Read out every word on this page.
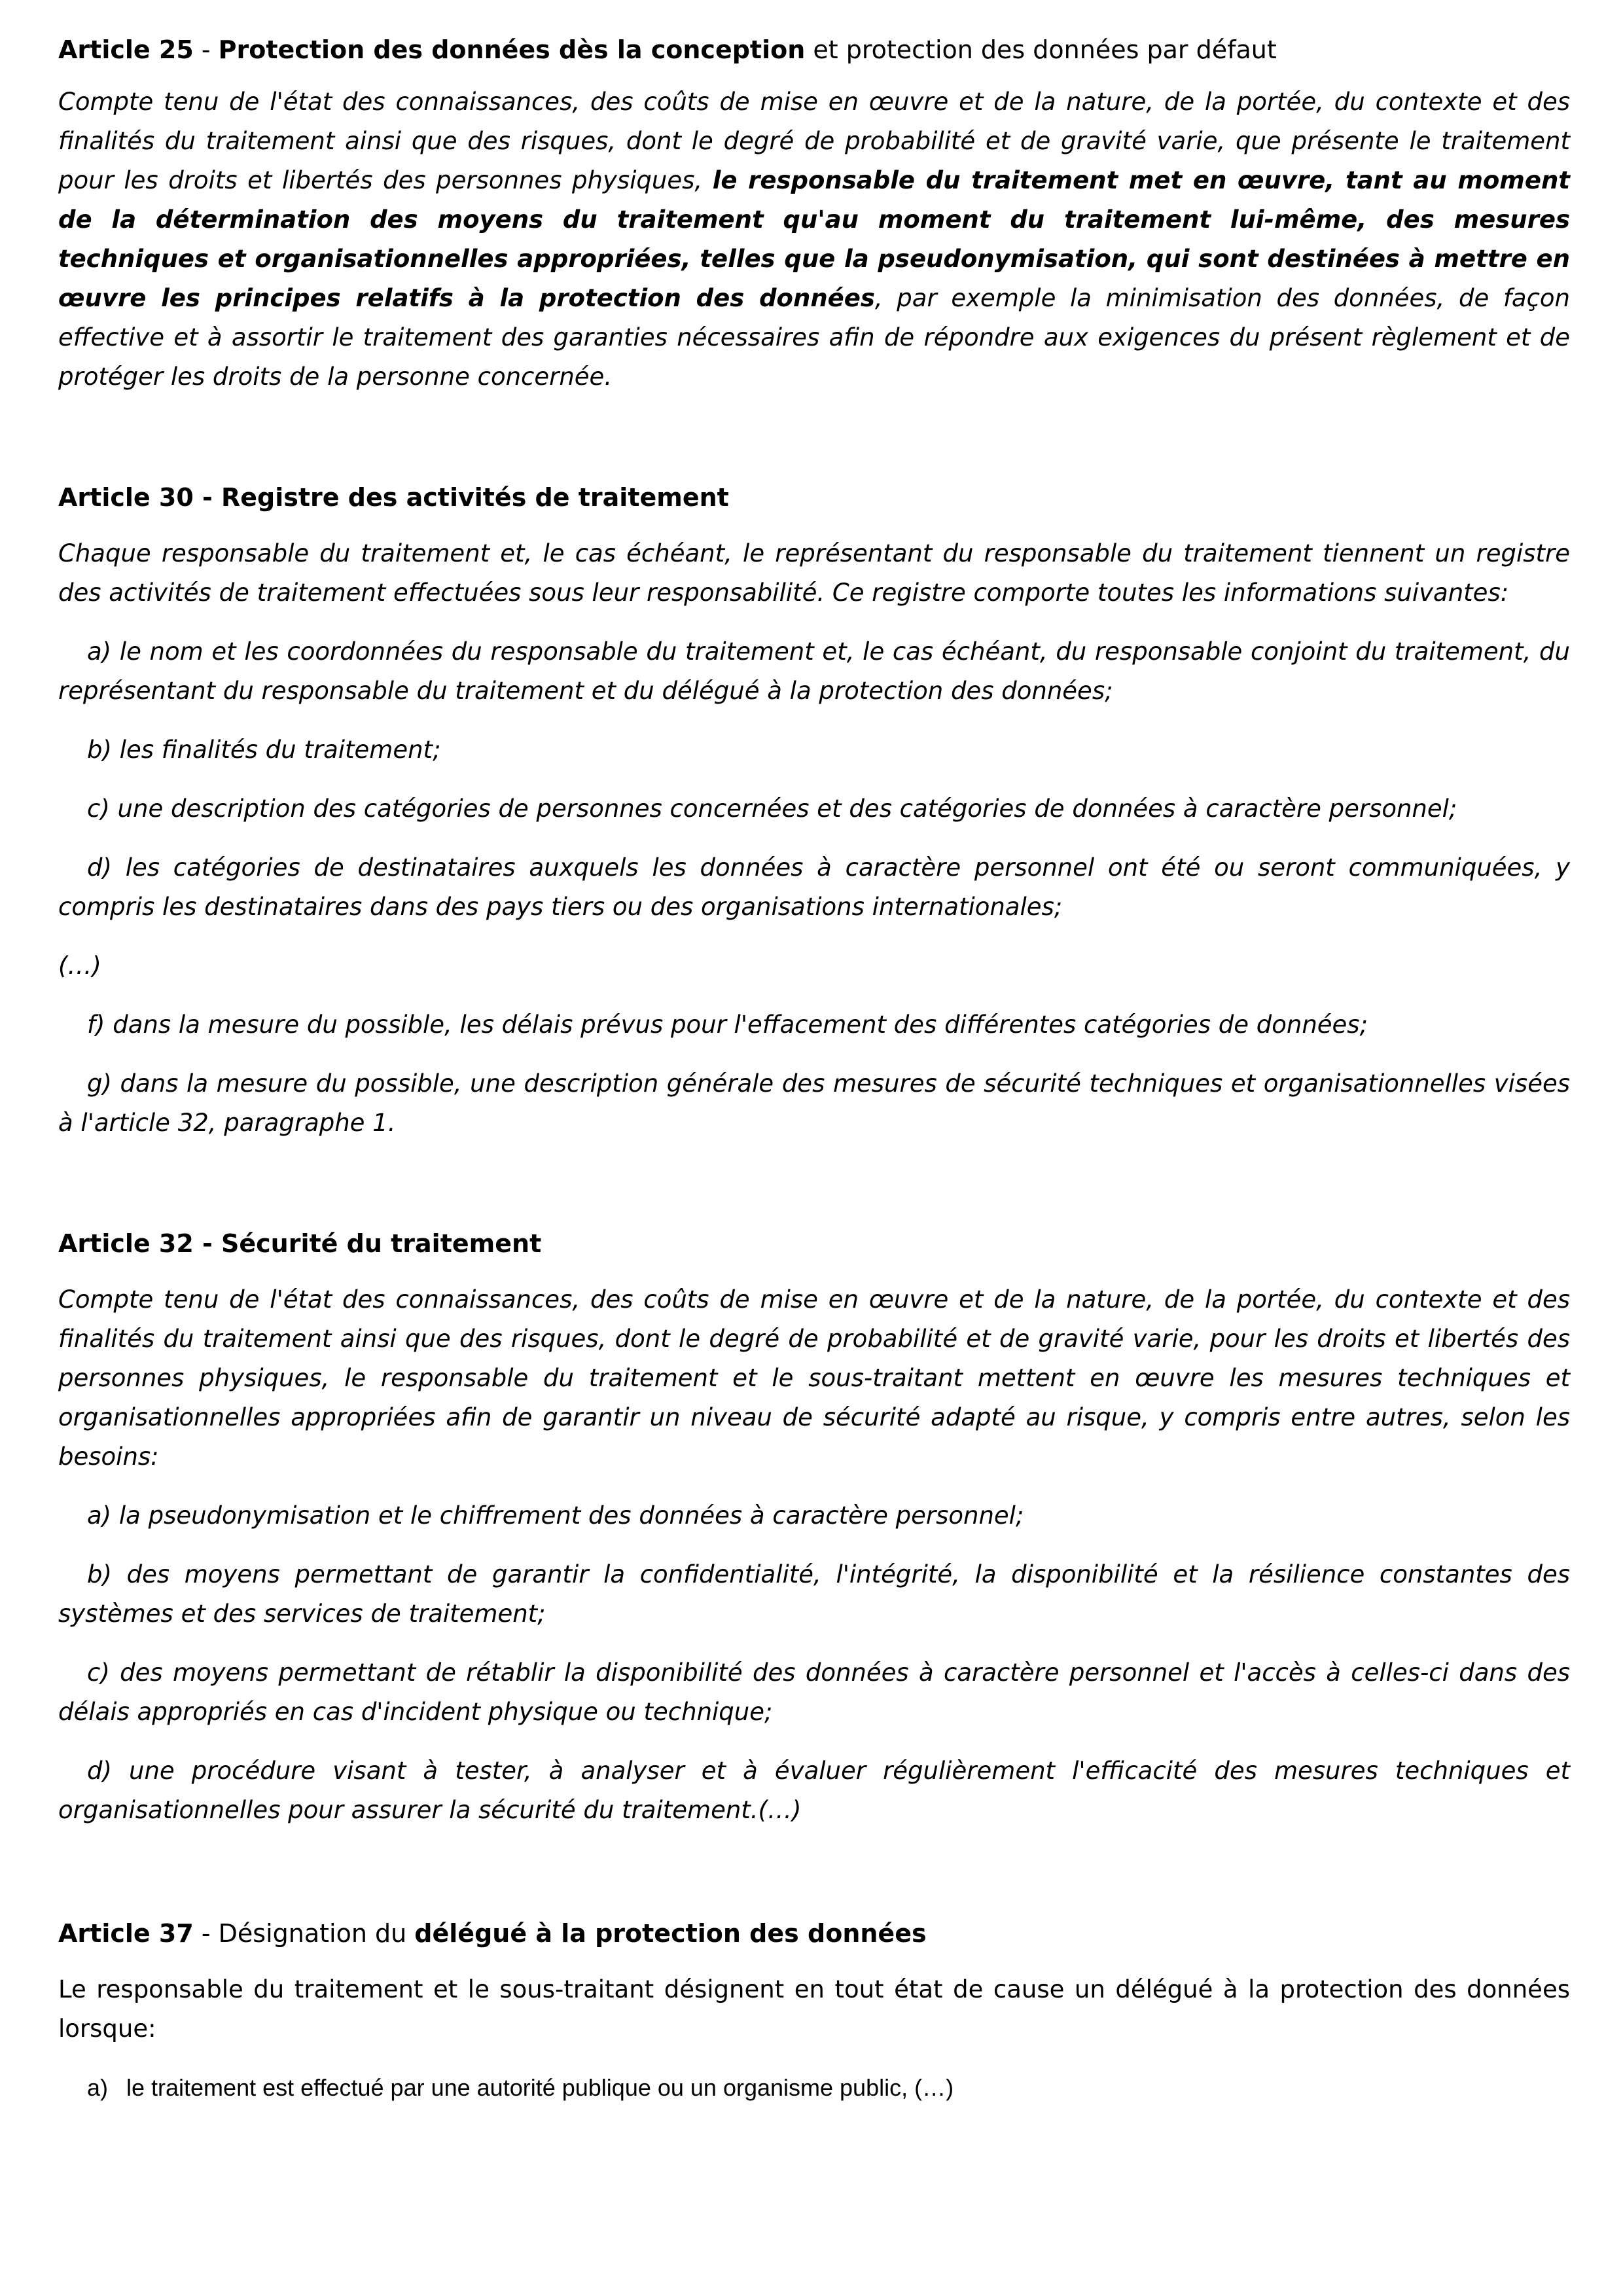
Article 25 - Protection des données dès la conception et protection des données par défaut

Compte tenu de l'état des connaissances, des coûts de mise en œuvre et de la nature, de la portée, du contexte et des finalités du traitement ainsi que des risques, dont le degré de probabilité et de gravité varie, que présente le traitement pour les droits et libertés des personnes physiques, le responsable du traitement met en œuvre, tant au moment de la détermination des moyens du traitement qu'au moment du traitement lui-même, des mesures techniques et organisationnelles appropriées, telles que la pseudonymisation, qui sont destinées à mettre en œuvre les principes relatifs à la protection des données, par exemple la minimisation des données, de façon effective et à assortir le traitement des garanties nécessaires afin de répondre aux exigences du présent règlement et de protéger les droits de la personne concernée.

Article 30 - Registre des activités de traitement

Chaque responsable du traitement et, le cas échéant, le représentant du responsable du traitement tiennent un registre des activités de traitement effectuées sous leur responsabilité. Ce registre comporte toutes les informations suivantes:

a) le nom et les coordonnées du responsable du traitement et, le cas échéant, du responsable conjoint du traitement, du représentant du responsable du traitement et du délégué à la protection des données;

b) les finalités du traitement;

c) une description des catégories de personnes concernées et des catégories de données à caractère personnel;

d) les catégories de destinataires auxquels les données à caractère personnel ont été ou seront communiquées, y compris les destinataires dans des pays tiers ou des organisations internationales;

(…)

f) dans la mesure du possible, les délais prévus pour l'effacement des différentes catégories de données;

g) dans la mesure du possible, une description générale des mesures de sécurité techniques et organisationnelles visées à l'article 32, paragraphe 1.

Article 32 - Sécurité du traitement

Compte tenu de l'état des connaissances, des coûts de mise en œuvre et de la nature, de la portée, du contexte et des finalités du traitement ainsi que des risques, dont le degré de probabilité et de gravité varie, pour les droits et libertés des personnes physiques, le responsable du traitement et le sous-traitant mettent en œuvre les mesures techniques et organisationnelles appropriées afin de garantir un niveau de sécurité adapté au risque, y compris entre autres, selon les besoins:

a) la pseudonymisation et le chiffrement des données à caractère personnel;

b) des moyens permettant de garantir la confidentialité, l'intégrité, la disponibilité et la résilience constantes des systèmes et des services de traitement;

c) des moyens permettant de rétablir la disponibilité des données à caractère personnel et l'accès à celles-ci dans des délais appropriés en cas d'incident physique ou technique;

d) une procédure visant à tester, à analyser et à évaluer régulièrement l'efficacité des mesures techniques et organisationnelles pour assurer la sécurité du traitement.(…)

Article 37 - Désignation du délégué à la protection des données

Le responsable du traitement et le sous-traitant désignent en tout état de cause un délégué à la protection des données lorsque:

a) le traitement est effectué par une autorité publique ou un organisme public, (…)
